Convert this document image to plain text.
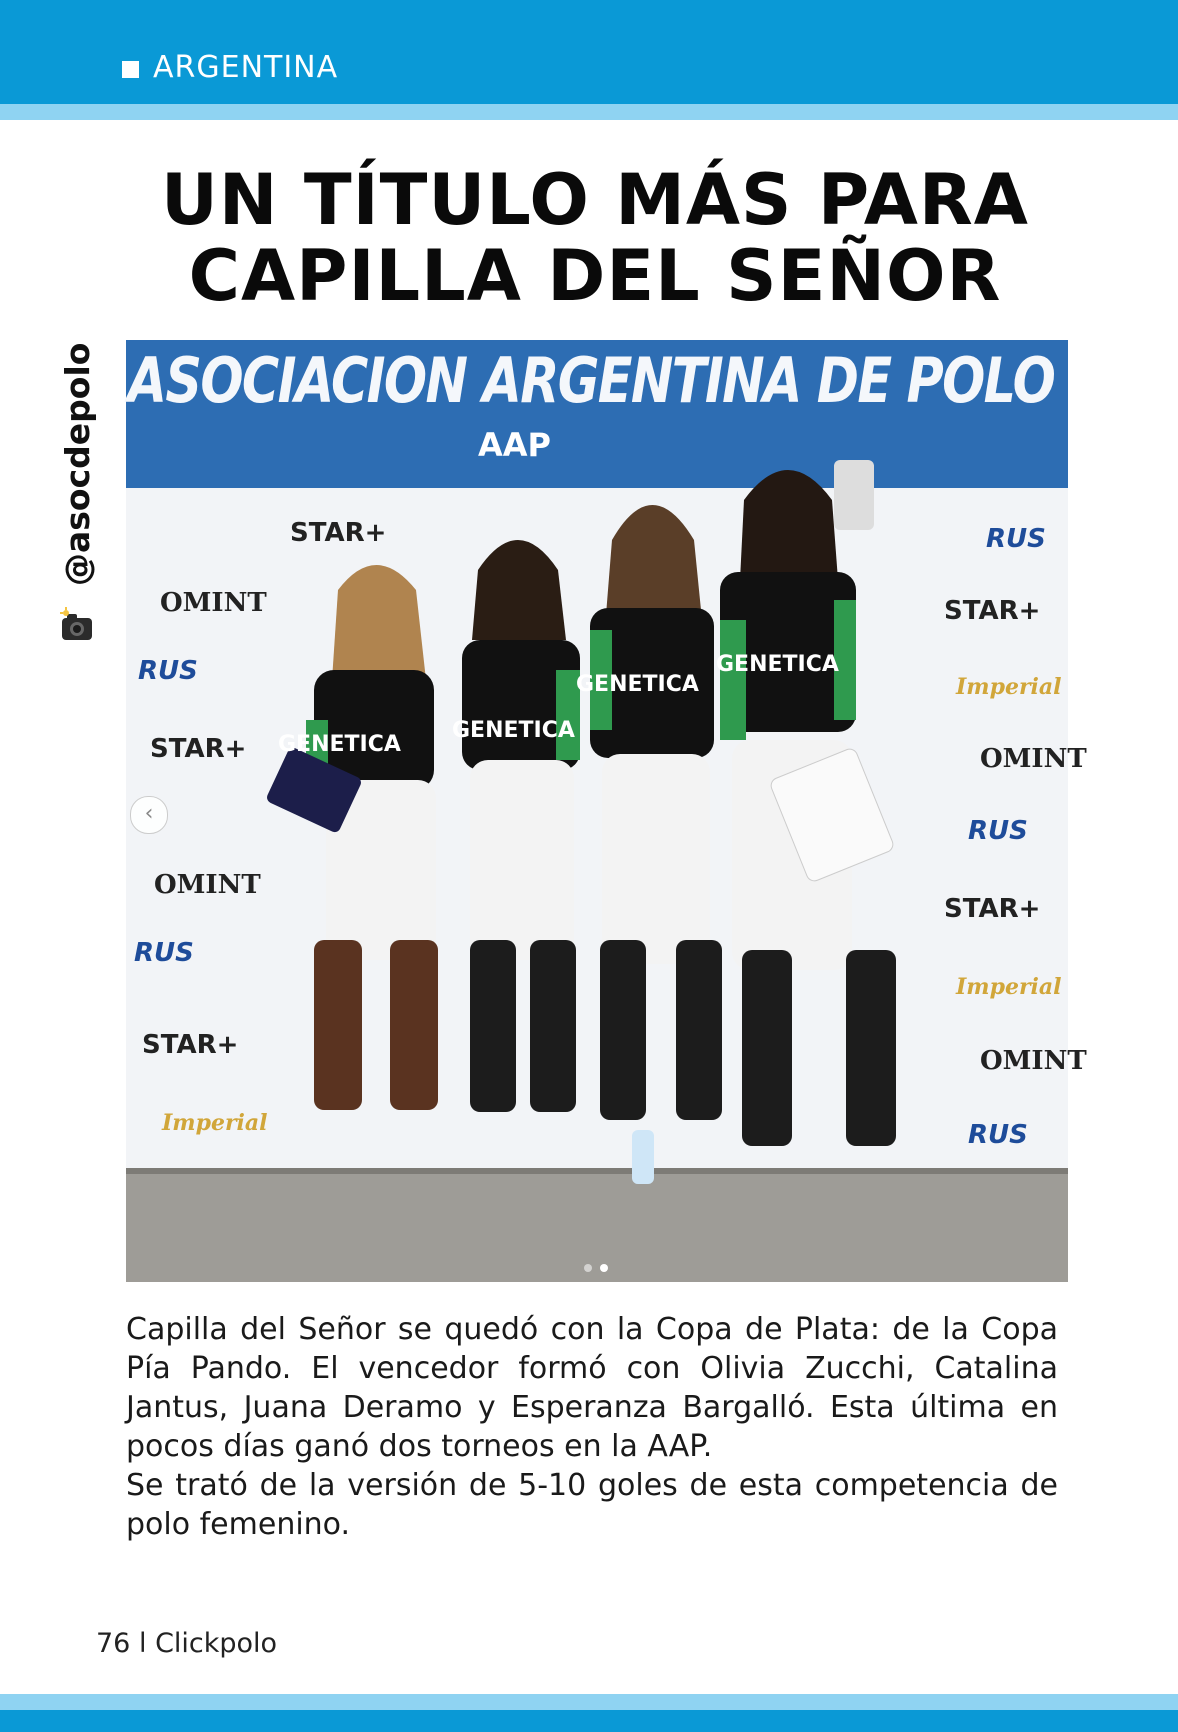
ARGENTINA
UN TÍTULO MÁS PARA
CAPILLA DEL SEÑOR
@asocdepolo ASOCIACION ARGENTINA DE POLO
AAP
STAR+	RUS
OMINT	STAR+
RUS
Imperial
STAR+	OMINT
RUS
OMINT
STAR+
RUS
Imperial
STAR+
OMINT
Imperial	RUS
GENETICA
GENETICA
GENETICA
GENETICA
‹

Capilla del Señor se quedó con la Copa de Plata: de la Copa Pía Pando. El vencedor formó con Olivia Zucchi, Catalina Jantus, Juana Deramo y Esperanza Bargalló. Esta última en pocos días ganó dos torneos en la AAP.

Se trató de la versión de 5-10 goles de esta competencia de polo femenino.

76 l Clickpolo
